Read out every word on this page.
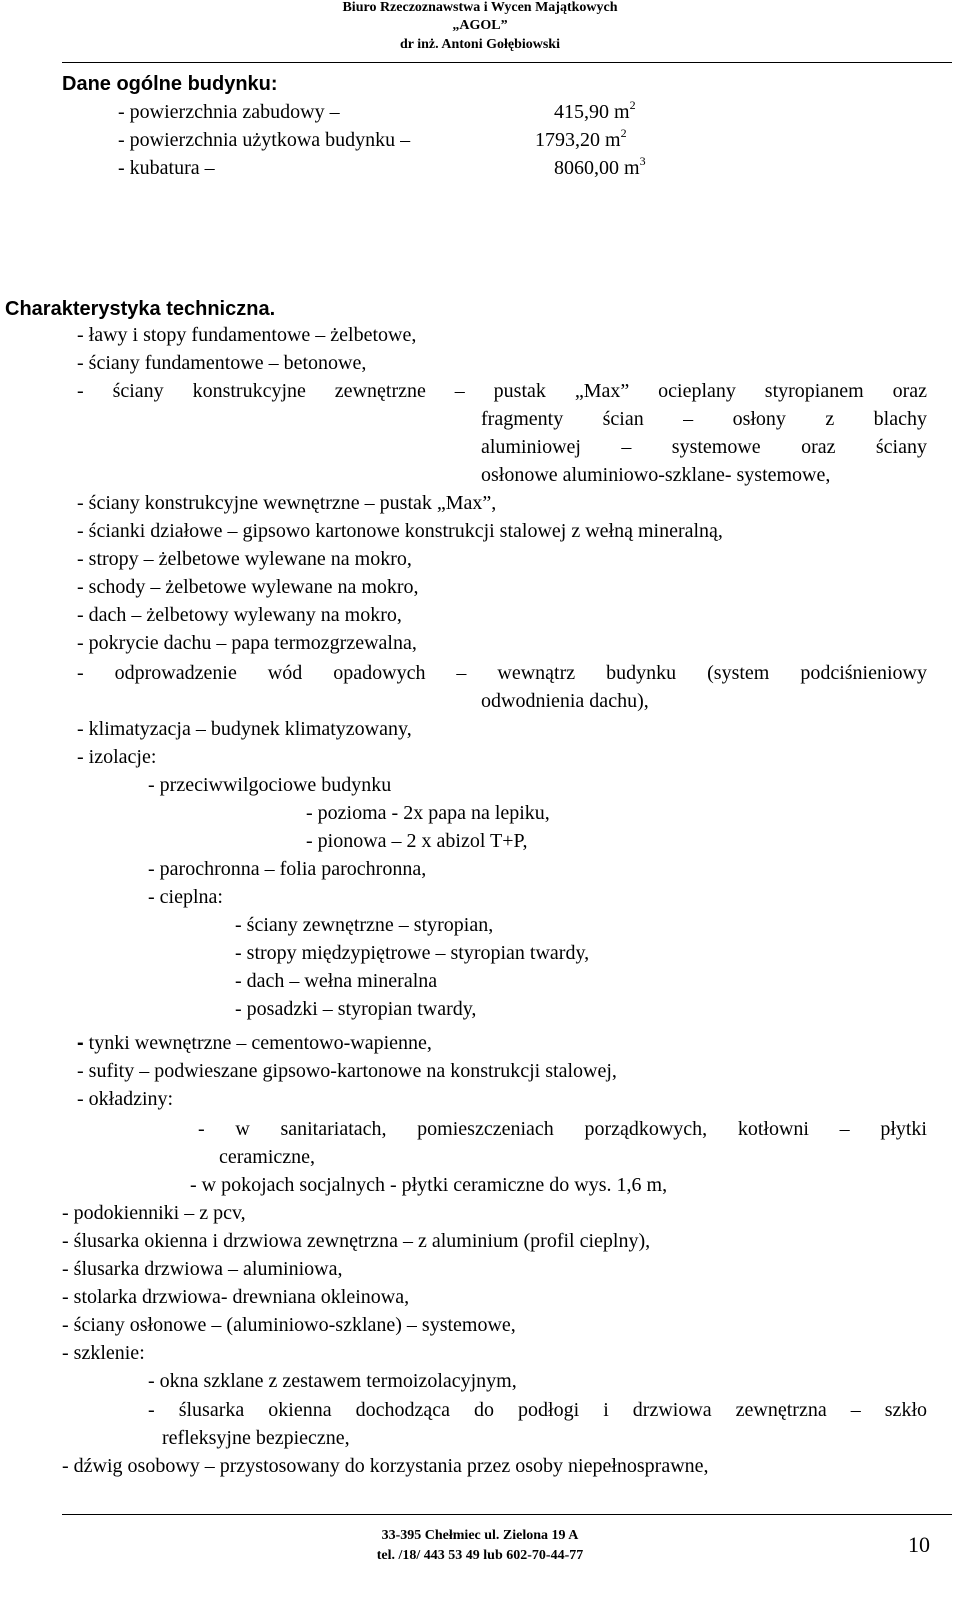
Biuro Rzeczoznawstwa i Wycen Majątkowych
„AGOL”
dr inż. Antoni Gołębiowski
Dane ogólne budynku:
- powierzchnia zabudowy –	415,90 $m^2$
- powierzchnia użytkowa budynku –	1793,20 $m^2$
- kubatura –	8060,00 $m^3$
Charakterystyka techniczna.
- ławy i stopy fundamentowe – żelbetowe,
- ściany fundamentowe – betonowe,
- ściany konstrukcyjne zewnętrzne – pustak „Max” ocieplany styropianem oraz
fragmenty ścian – osłony z blachy
aluminiowej – systemowe oraz ściany
osłonowe aluminiowo-szklane- systemowe,
- ściany konstrukcyjne wewnętrzne – pustak „Max”,
- ścianki działowe – gipsowo kartonowe konstrukcji stalowej z wełną mineralną,
- stropy – żelbetowe wylewane na mokro,
- schody – żelbetowe wylewane na mokro,
- dach – żelbetowy wylewany na mokro,
- pokrycie dachu – papa termozgrzewalna,
- odprowadzenie wód opadowych – wewnątrz budynku (system podciśnieniowy
odwodnienia dachu),
- klimatyzacja – budynek klimatyzowany,
- izolacje:
- przeciwwilgociowe budynku
- pozioma - 2x papa na lepiku,
- pionowa – 2 x abizol T+P,
- parochronna – folia parochronna,
- cieplna:
- ściany zewnętrzne – styropian,
- stropy międzypiętrowe – styropian twardy,
- dach – wełna mineralna
- posadzki – styropian twardy,
- tynki wewnętrzne – cementowo-wapienne,
- sufity – podwieszane gipsowo-kartonowe na konstrukcji stalowej,
- okładziny:
- w sanitariatach, pomieszczeniach porządkowych, kotłowni – płytki
ceramiczne,
- w pokojach socjalnych - płytki ceramiczne do wys. 1,6 m,
- podokienniki – z pcv,
- ślusarka okienna i drzwiowa zewnętrzna – z aluminium (profil cieplny),
- ślusarka drzwiowa – aluminiowa,
- stolarka drzwiowa- drewniana okleinowa,
- ściany osłonowe – (aluminiowo-szklane) – systemowe,
- szklenie:
- okna szklane z zestawem termoizolacyjnym,
- ślusarka okienna dochodząca do podłogi i drzwiowa zewnętrzna – szkło
refleksyjne bezpieczne,
- dźwig osobowy – przystosowany do korzystania przez osoby niepełnosprawne,
33-395 Chełmiec ul. Zielona 19 A
tel. /18/ 443 53 49 lub 602-70-44-77	10
